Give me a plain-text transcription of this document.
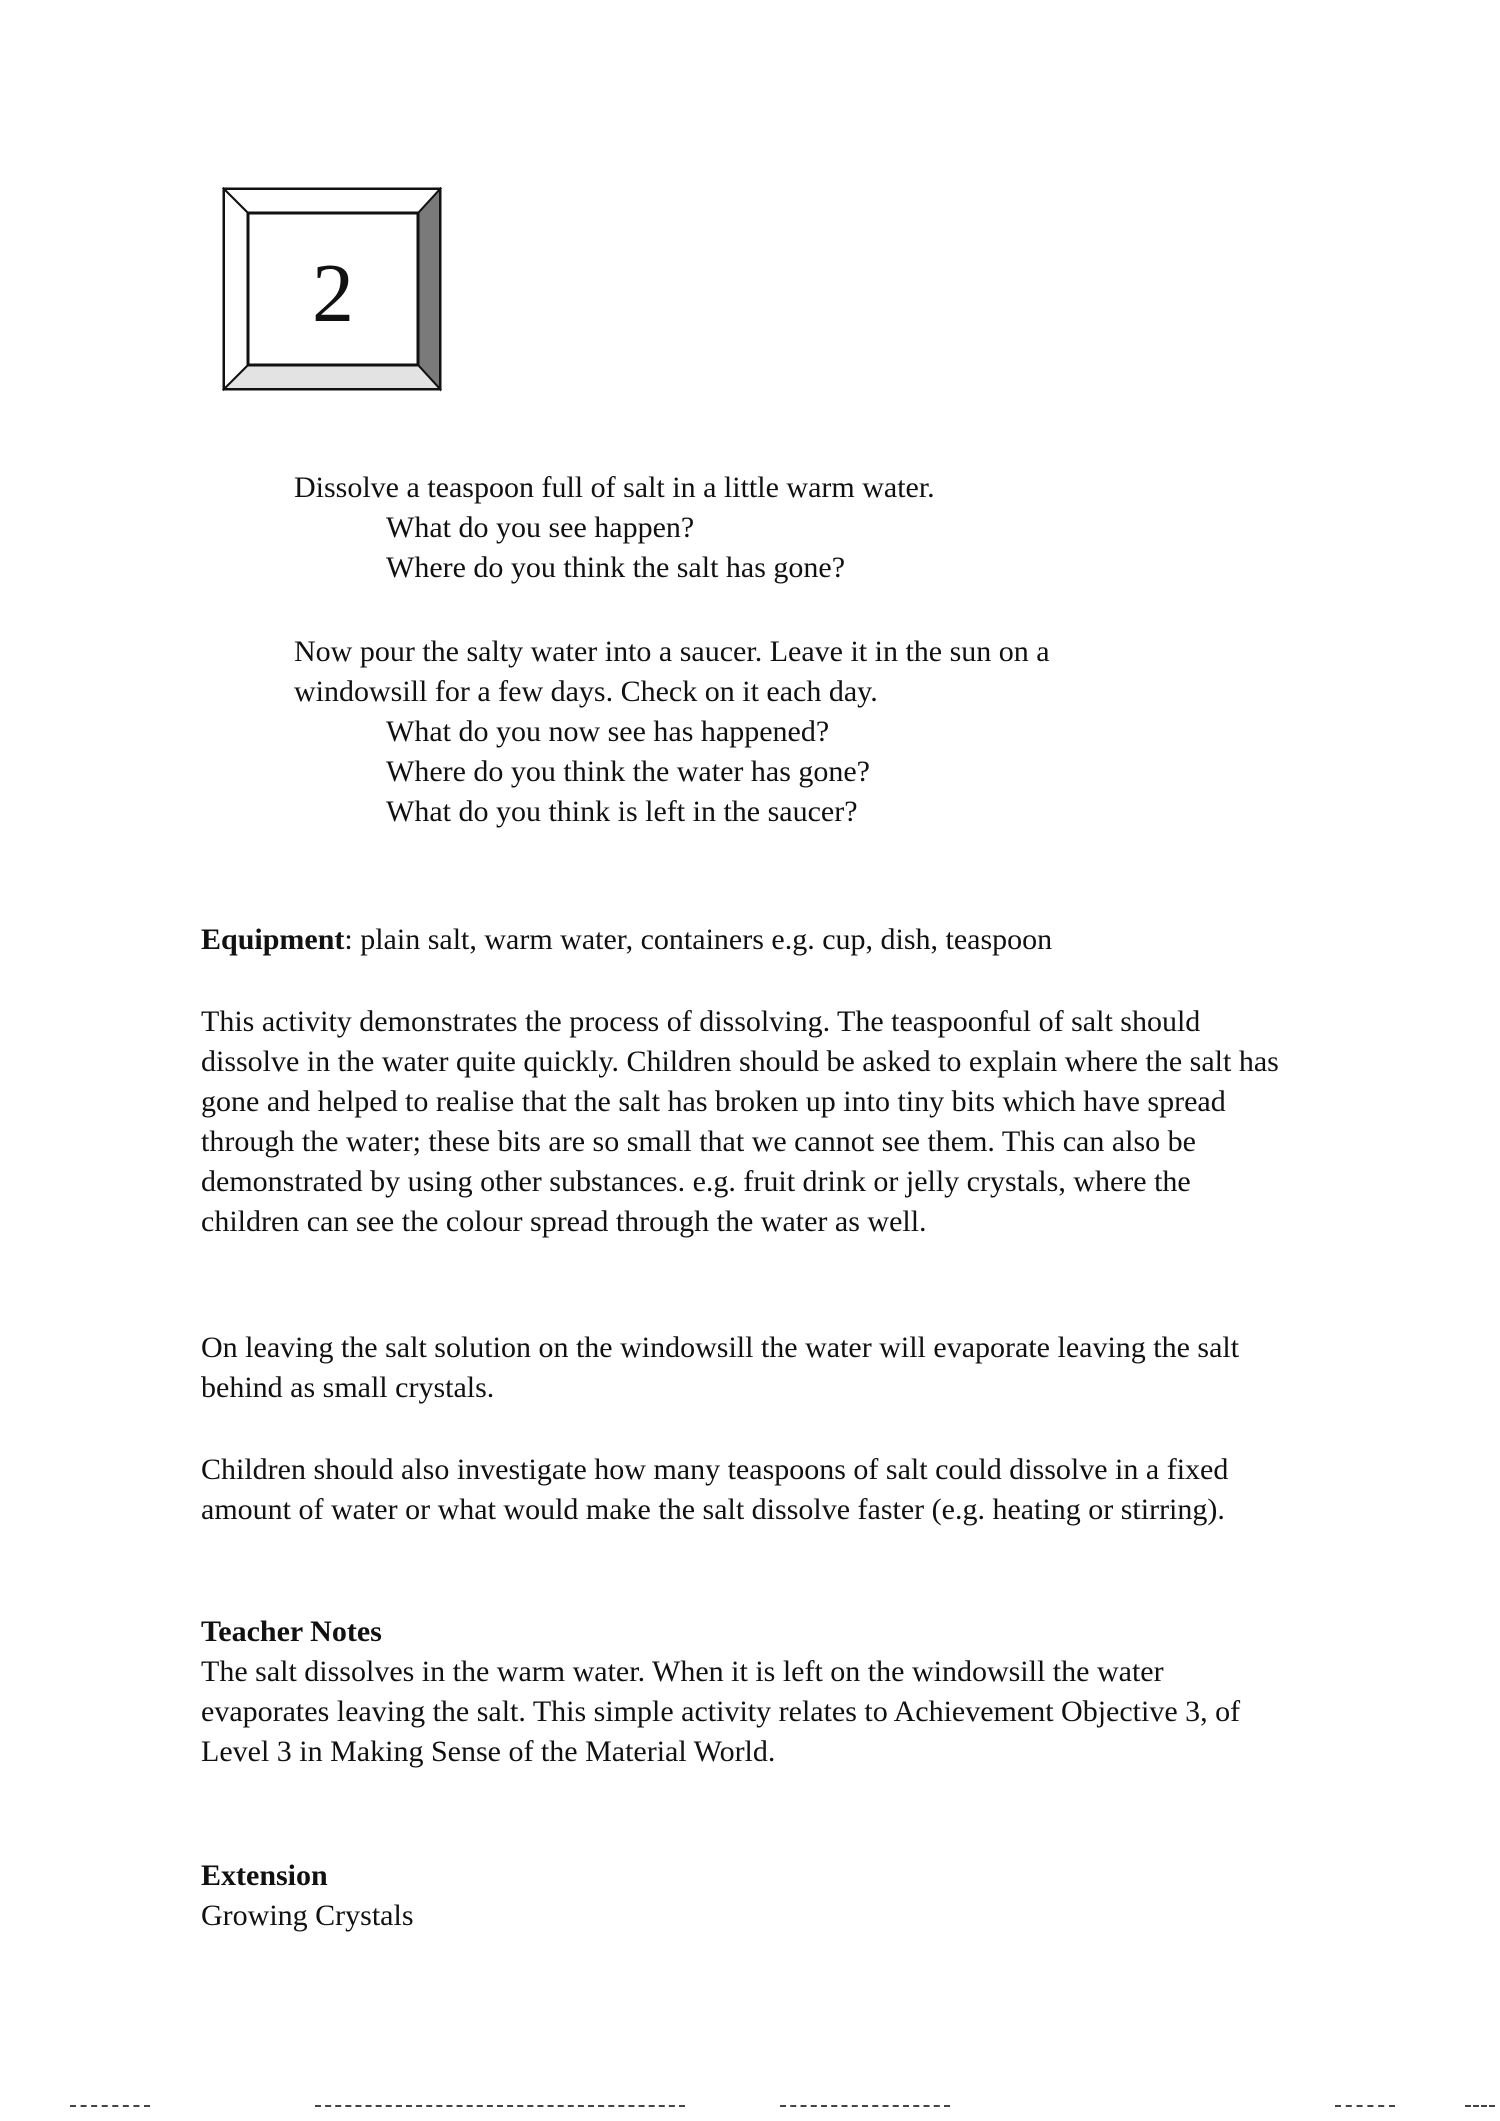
2
Dissolve a teaspoon full of salt in a little warm water.
What do you see happen?
Where do you think the salt has gone?
Now pour the salty water into a saucer. Leave it in the sun on a
windowsill for a few days. Check on it each day.
What do you now see has happened?
Where do you think the water has gone?
What do you think is left in the saucer?
Equipment: plain salt, warm water, containers e.g. cup, dish, teaspoon

This activity demonstrates the process of dissolving. The teaspoonful of salt should dissolve in the water quite quickly. Children should be asked to explain where the salt has gone and helped to realise that the salt has broken up into tiny bits which have spread through the water; these bits are so small that we cannot see them. This can also be demonstrated by using other substances. e.g. fruit drink or jelly crystals, where the children can see the colour spread through the water as well.

On leaving the salt solution on the windowsill the water will evaporate leaving the salt behind as small crystals.

Children should also investigate how many teaspoons of salt could dissolve in a fixed amount of water or what would make the salt dissolve faster (e.g. heating or stirring).

Teacher Notes

The salt dissolves in the warm water. When it is left on the windowsill the water evaporates leaving the salt. This simple activity relates to Achievement Objective 3, of Level 3 in Making Sense of the Material World.

Extension

Growing Crystals
